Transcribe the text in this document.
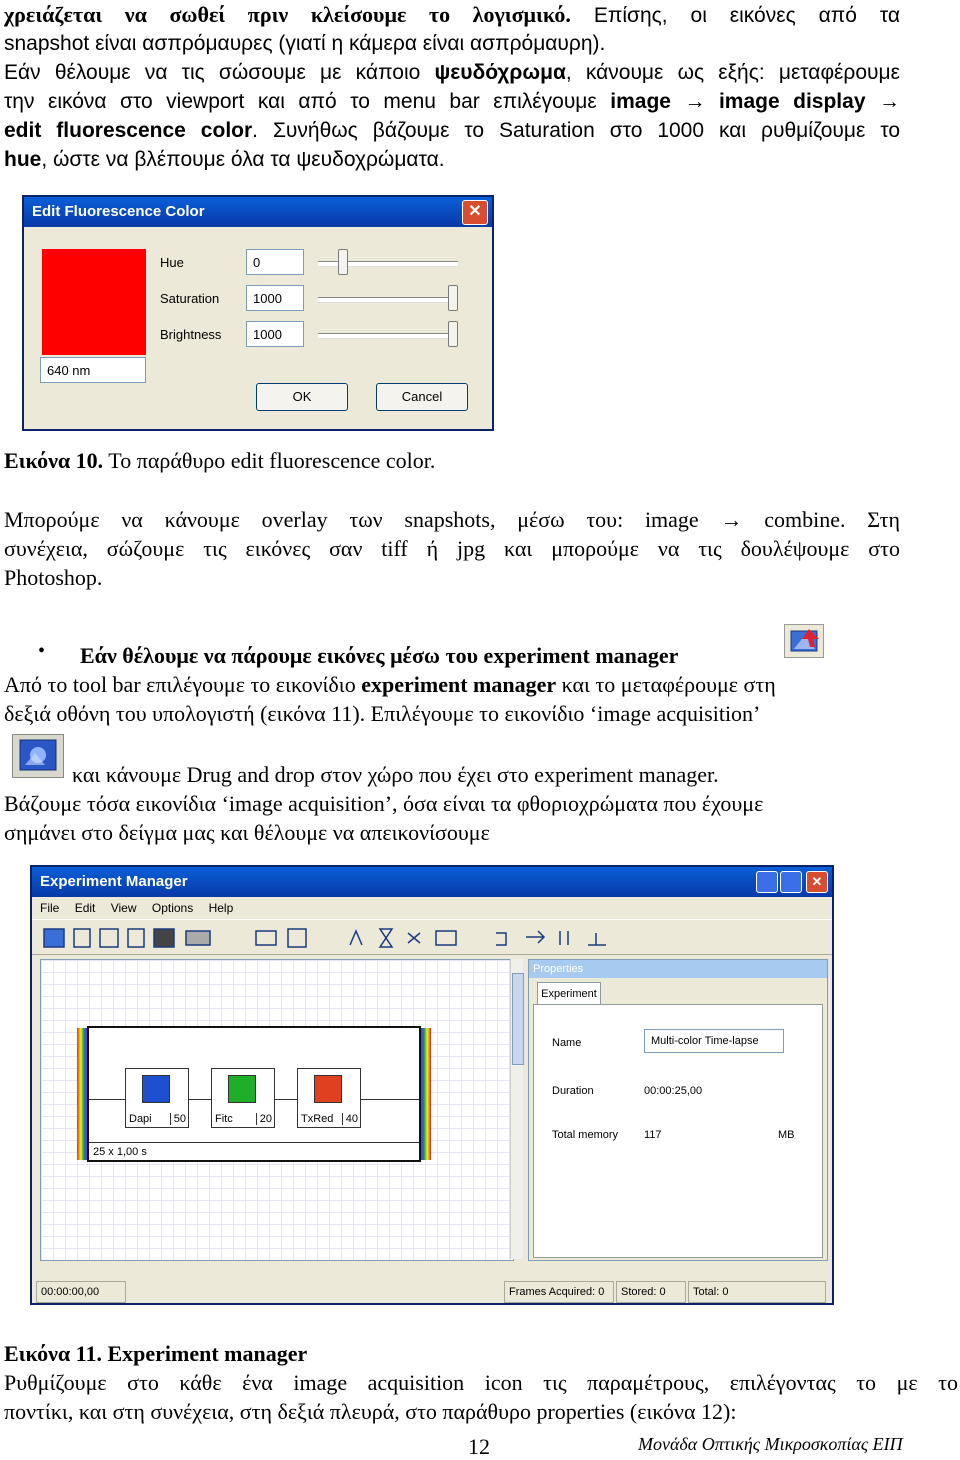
χρειάζεται να σωθεί πριν κλείσουμε το λογισμικό. Επίσης, οι εικόνες από τα
snapshot είναι ασπρόμαυρες (γιατί η κάμερα είναι ασπρόμαυρη).
Εάν θέλουμε να τις σώσουμε με κάποιο ψευδόχρωμα, κάνουμε ως εξής: μεταφέρουμε
την εικόνα στο viewport και από το menu bar επιλέγουμε image → image display →
edit fluorescence color. Συνήθως βάζουμε το Saturation στο 1000 και ρυθμίζουμε το
hue, ώστε να βλέπουμε όλα τα ψευδοχρώματα.
Edit Fluorescence Color	✕
640 nm
Hue	0
Saturation	1000
Brightness	1000
OK	Cancel
Εικόνα 10. Το παράθυρο edit fluorescence color.
Μπορούμε να κάνουμε overlay των snapshots, μέσω του: image → combine. Στη
συνέχεια, σώζουμε τις εικόνες σαν tiff ή jpg και μπορούμε να τις δουλέψουμε στο
Photoshop.
• Εάν θέλουμε να πάρουμε εικόνες μέσω του experiment manager
Από το tool bar επιλέγουμε το εικονίδιο experiment manager και το μεταφέρουμε στη
δεξιά οθόνη του υπολογιστή (εικόνα 11). Επιλέγουμε το εικονίδιο ‘image acquisition’
και κάνουμε Drug and drop στον χώρο που έχει στο experiment manager.
Βάζουμε τόσα εικονίδια ‘image acquisition’, όσα είναι τα φθοριοχρώματα που έχουμε
σημάνει στο δείγμα μας και θέλουμε να απεικονίσουμε
Experiment Manager	✕
File Edit View Options Help
Dapi	50	Fitc	20	TxRed	40
25 x 1,00 s
Properties
Experiment
Name	Multi-color Time-lapse
Duration	00:00:25,00
Total memory 117	MB
00:00:00,00	Frames Acquired: 0	Stored: 0	Total: 0
Εικόνα 11. Experiment manager
Ρυθμίζουμε στο κάθε ένα image acquisition icon τις παραμέτρους, επιλέγοντας το με το
ποντίκι, και στη συνέχεια, στη δεξιά πλευρά, στο παράθυρο properties (εικόνα 12):
12	Μονάδα Οπτικής Μικροσκοπίας ΕΙΠ
